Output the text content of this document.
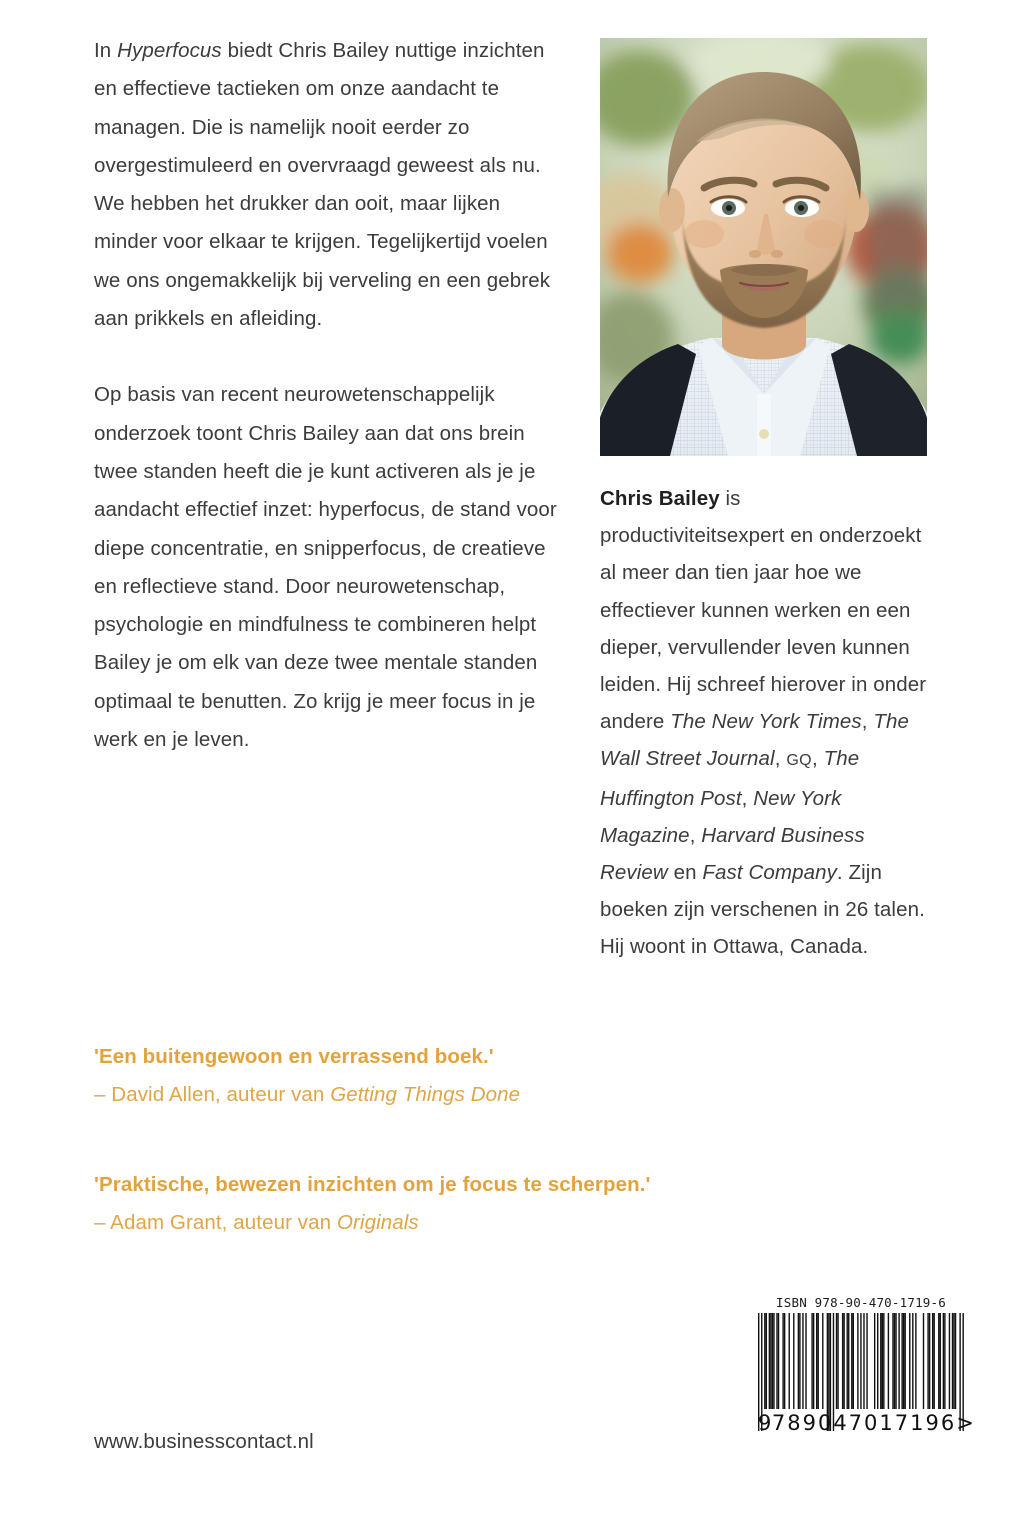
In Hyperfocus biedt Chris Bailey nuttige inzichten en effectieve tactieken om onze aandacht te managen. Die is namelijk nooit eerder zo overgestimuleerd en overvraagd geweest als nu. We hebben het drukker dan ooit, maar lijken minder voor elkaar te krijgen. Tegelijkertijd voelen we ons ongemakkelijk bij verveling en een gebrek aan prikkels en afleiding.

Op basis van recent neurowetenschappelijk onderzoek toont Chris Bailey aan dat ons brein twee standen heeft die je kunt activeren als je je aandacht effectief inzet: hyperfocus, de stand voor diepe concentratie, en snipperfocus, de creatieve en reflectieve stand. Door neurowetenschap, psychologie en mindfulness te combineren helpt Bailey je om elk van deze twee mentale standen optimaal te benutten. Zo krijg je meer focus in je werk en je leven.

Chris Bailey is productiviteitsexpert en onderzoekt al meer dan tien jaar hoe we effectiever kunnen werken en een dieper, vervullender leven kunnen leiden. Hij schreef hierover in onder andere The New York Times, The Wall Street Journal, GQ, The Huffington Post, New York Magazine, Harvard Business Review en Fast Company. Zijn boeken zijn verschenen in 26 talen. Hij woont in Ottawa, Canada.
'Een buitengewoon en verrassend boek.'
– David Allen, auteur van Getting Things Done
'Praktische, bewezen inzichten om je focus te scherpen.'
– Adam Grant, auteur van Originals
www.businesscontact.nl
ISBN 978-90-470-1719-6
9 789047 017196 >
